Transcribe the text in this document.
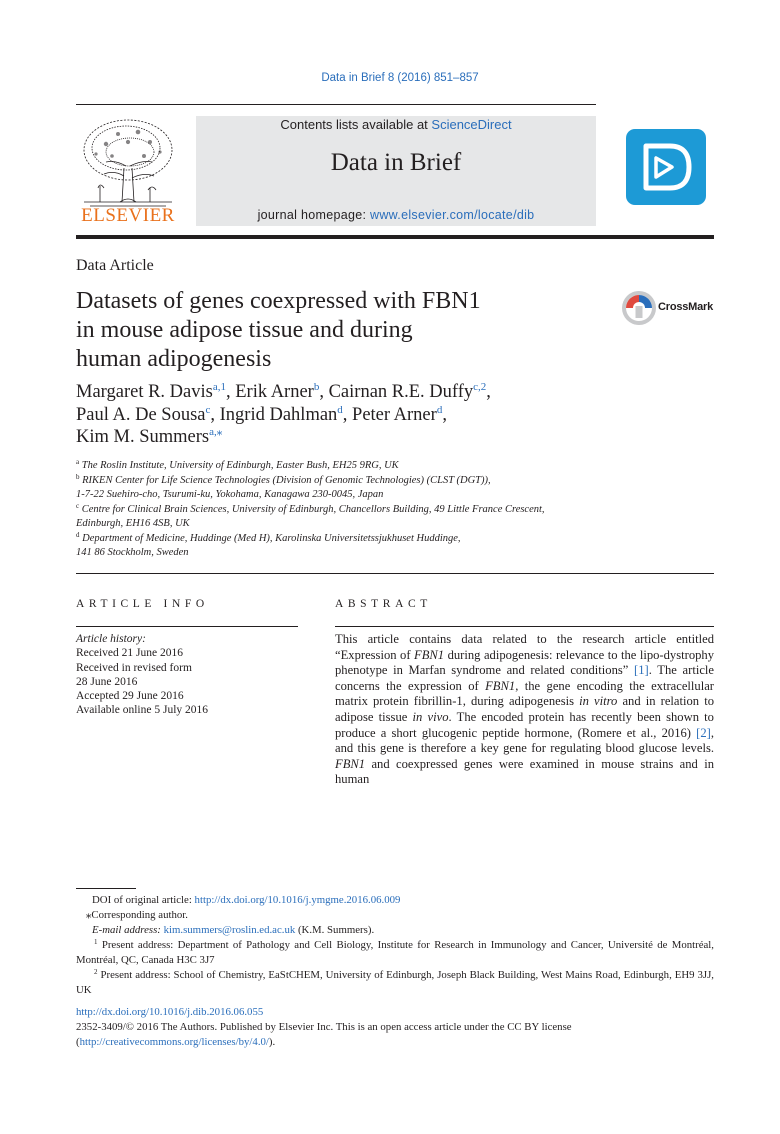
Data in Brief 8 (2016) 851–857
ELSEVIER
Contents lists available at ScienceDirect
Data in Brief
journal homepage: www.elsevier.com/locate/dib
Data Article
Datasets of genes coexpressed with FBN1
in mouse adipose tissue and during
human adipogenesis
CrossMark
Margaret R. Davis$^{a,1}$, Erik Arner$^b$, Cairnan R.E. Duffy$^{c,2}$,
Paul A. De Sousa$^c$, Ingrid Dahlman$^d$, Peter Arner$^d$,
Kim M. Summers$^{a,⁎}$
$^a$ The Roslin Institute, University of Edinburgh, Easter Bush, EH25 9RG, UK
$^b$ RIKEN Center for Life Science Technologies (Division of Genomic Technologies) (CLST (DGT)),
1-7-22 Suehiro-cho, Tsurumi-ku, Yokohama, Kanagawa 230-0045, Japan
$^c$ Centre for Clinical Brain Sciences, University of Edinburgh, Chancellors Building, 49 Little France Crescent,
Edinburgh, EH16 4SB, UK
$^d$ Department of Medicine, Huddinge (Med H), Karolinska Universitetssjukhuset Huddinge,
141 86 Stockholm, Sweden
ARTICLE INFO
Article history:
Received 21 June 2016
Received in revised form
28 June 2016
Accepted 29 June 2016
Available online 5 July 2016
ABSTRACT
This article contains data related to the research article entitled “Expression of FBN1 during adipogenesis: relevance to the lipo-dystrophy phenotype in Marfan syndrome and related conditions” [1]. The article concerns the expression of FBN1, the gene encoding the extracellular matrix protein fibrillin-1, during adipogenesis in vitro and in relation to adipose tissue in vivo. The encoded protein has recently been shown to produce a short glucogenic peptide hormone, (Romere et al., 2016) [2], and this gene is therefore a key gene for regulating blood glucose levels. FBN1 and coexpressed genes were examined in mouse strains and in human
DOI of original article: http://dx.doi.org/10.1016/j.ymgme.2016.06.009
⁎Corresponding author.
E-mail address: kim.summers@roslin.ed.ac.uk (K.M. Summers).
$^1$ Present address: Department of Pathology and Cell Biology, Institute for Research in Immunology and Cancer, Université de Montréal, Montréal, QC, Canada H3C 3J7
$^2$ Present address: School of Chemistry, EaStCHEM, University of Edinburgh, Joseph Black Building, West Mains Road, Edinburgh, EH9 3JJ, UK
http://dx.doi.org/10.1016/j.dib.2016.06.055
2352-3409/© 2016 The Authors. Published by Elsevier Inc. This is an open access article under the CC BY license
(http://creativecommons.org/licenses/by/4.0/).
